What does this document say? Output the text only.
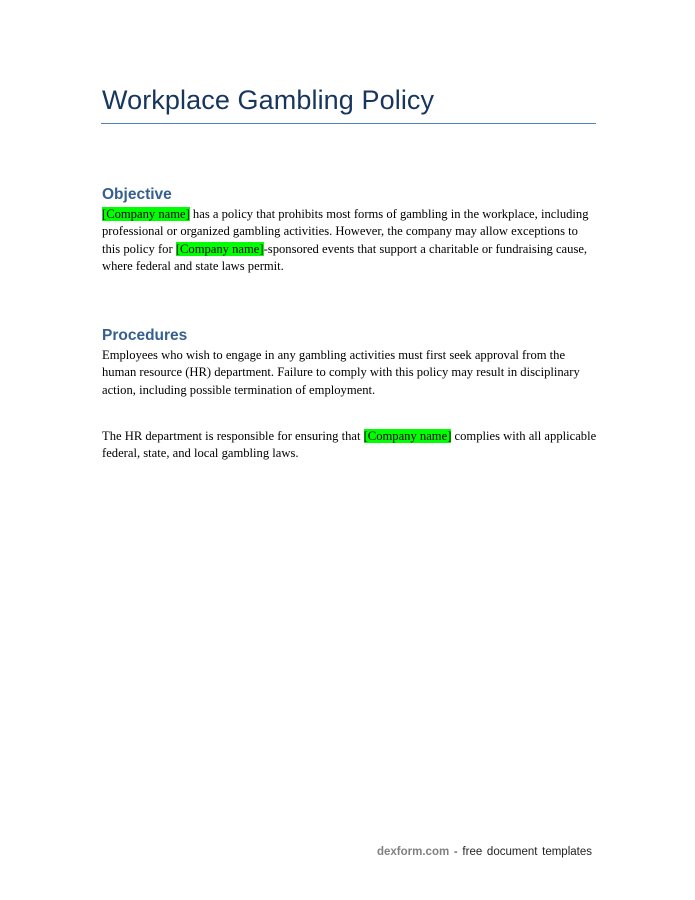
Workplace Gambling Policy
Objective

[Company name] has a policy that prohibits most forms of gambling in the workplace, including professional or organized gambling activities. However, the company may allow exceptions to this policy for [Company name]-sponsored events that support a charitable or fundraising cause, where federal and state laws permit.

Procedures

Employees who wish to engage in any gambling activities must first seek approval from the human resource (HR) department. Failure to comply with this policy may result in disciplinary action, including possible termination of employment.

The HR department is responsible for ensuring that [Company name] complies with all applicable federal, state, and local gambling laws.

dexform.com - free document templates
